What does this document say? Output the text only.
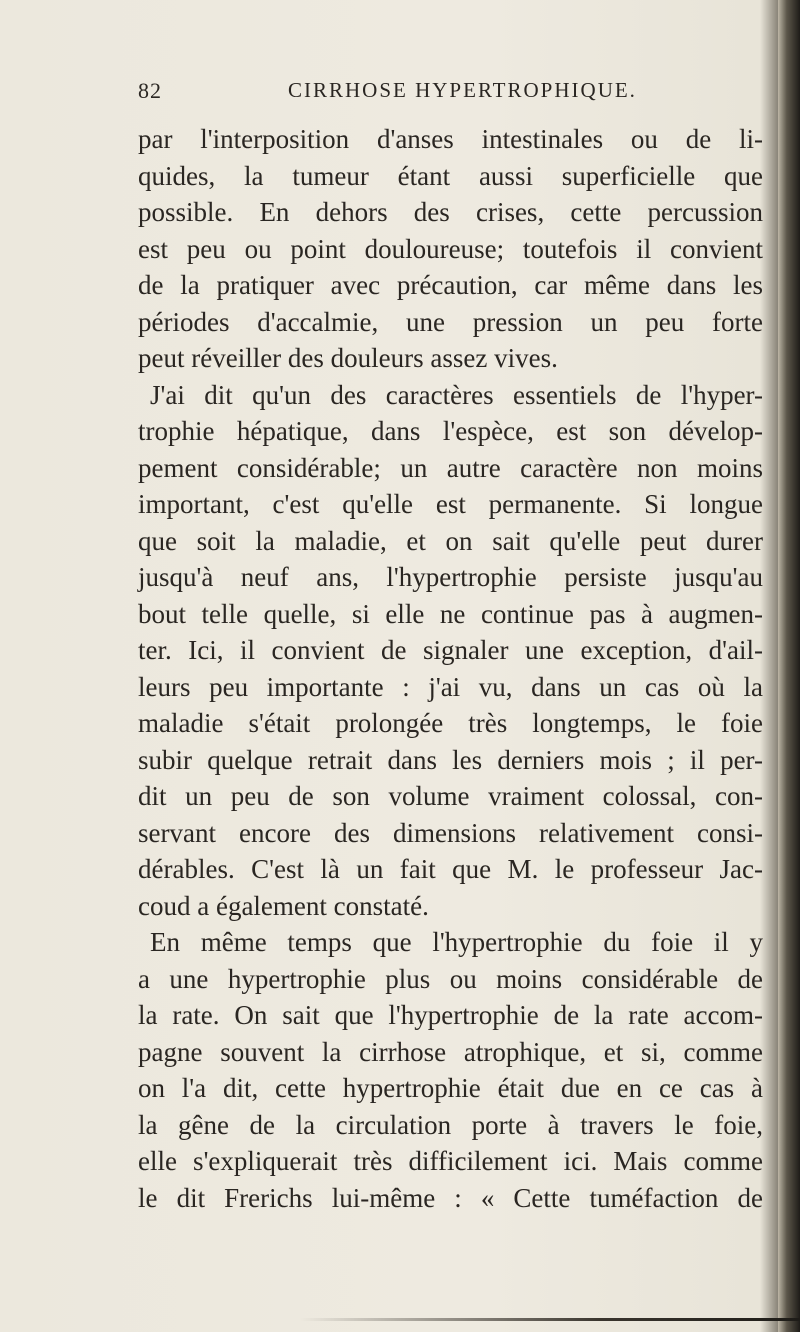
82	CIRRHOSE HYPERTROPHIQUE.
par l'interposition d'anses intestinales ou de li-
quides, la tumeur étant aussi superficielle que
possible. En dehors des crises, cette percussion
est peu ou point douloureuse; toutefois il convient
de la pratiquer avec précaution, car même dans les
périodes d'accalmie, une pression un peu forte
peut réveiller des douleurs assez vives.
J'ai dit qu'un des caractères essentiels de l'hyper-
trophie hépatique, dans l'espèce, est son dévelop-
pement considérable; un autre caractère non moins
important, c'est qu'elle est permanente. Si longue
que soit la maladie, et on sait qu'elle peut durer
jusqu'à neuf ans, l'hypertrophie persiste jusqu'au
bout telle quelle, si elle ne continue pas à augmen-
ter. Ici, il convient de signaler une exception, d'ail-
leurs peu importante : j'ai vu, dans un cas où la
maladie s'était prolongée très longtemps, le foie
subir quelque retrait dans les derniers mois ; il per-
dit un peu de son volume vraiment colossal, con-
servant encore des dimensions relativement consi-
dérables. C'est là un fait que M. le professeur Jac-
coud a également constaté.
En même temps que l'hypertrophie du foie il y
a une hypertrophie plus ou moins considérable de
la rate. On sait que l'hypertrophie de la rate accom-
pagne souvent la cirrhose atrophique, et si, comme
on l'a dit, cette hypertrophie était due en ce cas à
la gêne de la circulation porte à travers le foie,
elle s'expliquerait très difficilement ici. Mais comme
le dit Frerichs lui-même : « Cette tuméfaction de
